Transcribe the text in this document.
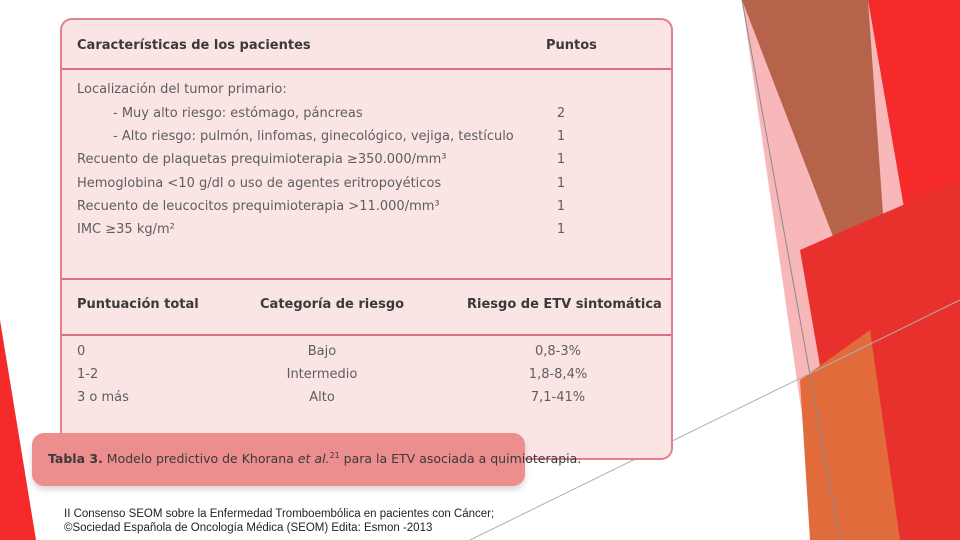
Características de los pacientes	Puntos
Localización del tumor primario:
- Muy alto riesgo: estómago, páncreas	2
- Alto riesgo: pulmón, linfomas, ginecológico, vejiga, testículo	1
Recuento de plaquetas prequimioterapia ≥350.000/mm³	1
Hemoglobina <10 g/dl o uso de agentes eritropoyéticos	1
Recuento de leucocitos prequimioterapia >11.000/mm³	1
IMC ≥35 kg/m²	1
Puntuación total	Categoría de riesgo	Riesgo de ETV sintomática
0	Bajo	0,8-3%
1-2	Intermedio	1,8-8,4%
3 o más	Alto	7,1-41%
Tabla 3. Modelo predictivo de Khorana et al.$^{21}$ para la ETV asociada a quimioterapia.
II Consenso SEOM sobre la Enfermedad Tromboembólica en pacientes con Cáncer;
©Sociedad Española de Oncología Médica (SEOM) Edita: Esmon -2013
